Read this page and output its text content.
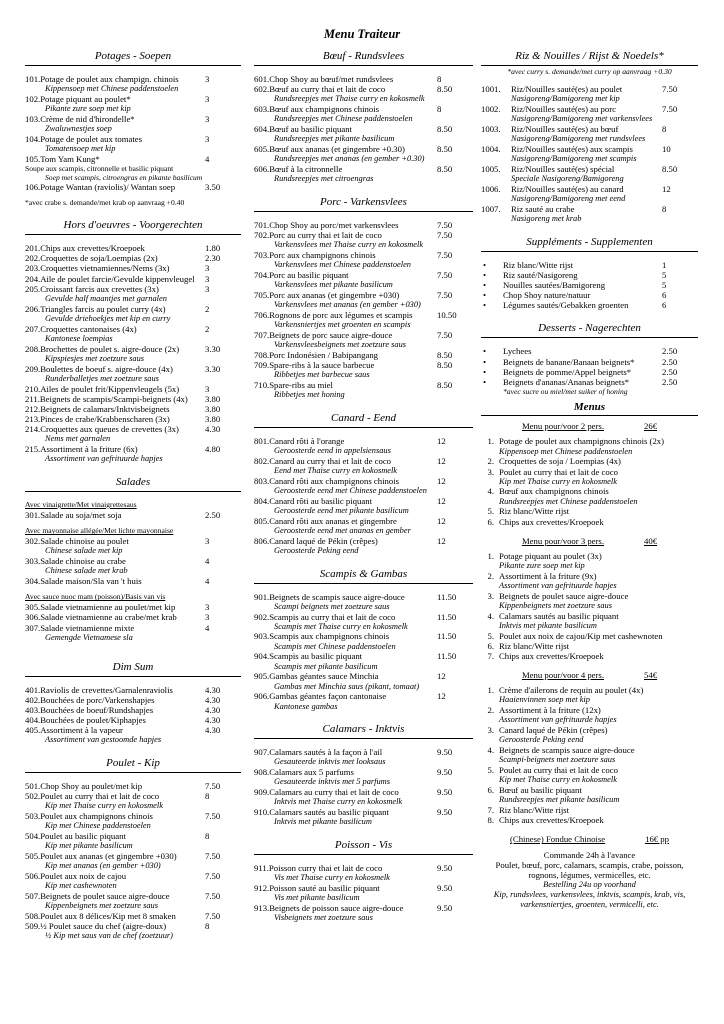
Menu Traiteur
Potages - Soepen
101. Potage de poulet aux champign. chinois	3
Kippensoep met Chinese paddenstoelen
102. Potage piquant au poulet*	3
Pikante zure soep met kip
103. Crème de nid d'hirondelle*	3
Zwaluwnestjes soep
104. Potage de poulet aux tomates	3
Tomatensoep met kip
105. Tom Yam Kung*	4
Soupe aux scampis, citronnelle et basilic piquant
Soep met scampis, citroengras en pikante basilicum
106. Potage Wantan (raviolis)/ Wantan soep	3.50
*avec crabe s. demande/met krab op aanvraag +0.40
Hors d'oeuvres - Voorgerechten
201. Chips aux crevettes/Kroepoek	1.80
202. Croquettes de soja/Loempias (2x)	2.30
203. Croquettes vietnamiennes/Nems (3x)	3
204. Aile de poulet farcie/Gevulde kippenvleugel	3
205. Croissant farcis aux crevettes (3x)	3
Gevulde half maantjes met garnalen
206. Triangles farcis au poulet curry (4x)	2
Gevulde driehoekjes met kip en curry
207. Croquettes cantonaises (4x)	2
Kantonese loempias
208. Brochettes de poulet s. aigre-douce (2x)	3.30
Kipspiesjes met zoetzure saus
209. Boulettes de boeuf s. aigre-douce (4x)	3.30
Runderballetjes met zoetzure saus
210. Ailes de poulet frit/Kippenvleugels (5x)	3
211. Beignets de scampis/Scampi-beignets (4x)	3.80
212. Beignets de calamars/Inktvisbeignets	3.80
213. Pinces de crabe/Krabbenscharen (3x)	3.80
214. Croquettes aux queues de crevettes (3x)	4.30
Nems met garnalen
215. Assortiment à la friture (6x)	4.80
Assortiment van gefrituurde hapjes
Salades
Avec vinaigrette/Met vinaigrettesaus
301. Salade au soja/met soja	2.50
Avec mayonnaise allégée/Met lichte mayonnaise
302. Salade chinoise au poulet	3
Chinese salade met kip
303. Salade chinoise au crabe	4
Chinese salade met krab
304. Salade maison/Sla van 't huis	4
Avec sauce nuoc mam (poisson)/Basis van vis
305. Salade vietnamienne au poulet/met kip	3
306. Salade vietnamienne au crabe/met krab	3
307. Salade vietnamienne mixte	4
Gemengde Vietnamese sla
Dim Sum
401. Raviolis de crevettes/Garnalenraviolis	4.30
402. Bouchées de porc/Varkenshapjes	4.30
403. Bouchées de boeuf/Rundshapjes	4.30
404. Bouchées de poulet/Kiphapjes	4.30
405. Assortiment à la vapeur	4.30
Assortiment van gestoomde hapjes
Poulet - Kip
501. Chop Shoy au poulet/met kip	7.50
502. Poulet au curry thai et lait de coco	8
Kip met Thaise curry en kokosmelk
503. Poulet aux champignons chinois	7.50
Kip met Chinese paddenstoelen
504. Poulet au basilic piquant	8
Kip met pikante basilicum
505. Poulet aux ananas (et gingembre +030)	7.50
Kip met ananas (en gember +030)
506. Poulet aux noix de cajou	7.50
Kip met cashewnoten
507. Beignets de poulet sauce aigre-douce	7.50
Kippenbeignets met zoetzure saus
508. Poulet aux 8 délices/Kip met 8 smaken	7.50
509. ½ Poulet sauce du chef (aigre-doux)	8
½ Kip met saus van de chef (zoetzuur)
Bœuf - Rundsvlees
601. Chop Shoy au bœuf/met rundsvlees	8
602. Bœuf au curry thai et lait de coco	8.50
Rundsreepjes met Thaise curry en kokosmelk
603. Bœuf aux champignons chinois	8
Rundsreepjes met Chinese paddenstoelen
604. Bœuf au basilic piquant	8.50
Rundsreepjes met pikante basilicum
605. Bœuf aux ananas (et gingembre +0.30)	8.50
Rundsreepjes met ananas (en gember +0.30)
606. Bœuf à la citronnelle	8.50
Rundsreepjes met citroengras
Porc - Varkensvlees
701. Chop Shoy au porc/met varkensvlees	7.50
702. Porc au curry thai et lait de coco	7.50
Varkensvlees met Thaise curry en kokosmelk
703. Porc aux champignons chinois	7.50
Varkensvlees met Chinese paddenstoelen
704. Porc au basilic piquant	7.50
Varkensvlees met pikante basilicum
705. Porc aux ananas (et gingembre +030)	7.50
Varkensvlees met ananas (en gember +030)
706. Rognons de porc aux légumes et scampis	10.50
Varkensniertjes met groenten en scampis
707. Beignets de porc sauce aigre-douce	7.50
Varkensvleesbeignets met zoetzure saus
708. Porc Indonésien / Babipangang	8.50
709. Spare-ribs à la sauce barbecue	8.50
Ribbetjes met barbecue saus
710. Spare-ribs au miel	8.50
Ribbetjes met honing
Canard - Eend
801. Canard rôti à l'orange	12
Geroosterde eend in appelsiensaus
802. Canard au curry thai et lait de coco	12
Eend met Thaise curry en kokosmelk
803. Canard rôti aux champignons chinois	12
Geroosterde eend met Chinese paddenstoelen
804. Canard rôti au basilic piquant	12
Geroosterde eend met pikante basilicum
805. Canard rôti aux ananas et gingembre	12
Geroosterde eend met ananas en gember
806. Canard laqué de Pékin (crêpes)	12
Geroosterde Peking eend
Scampis & Gambas
901. Beignets de scampis sauce aigre-douce	11.50
Scampi beignets met zoetzure saus
902. Scampis au curry thai et lait de coco	11.50
Scampis met Thaise curry en kokosmelk
903. Scampis aux champignons chinois	11.50
Scampis met Chinese paddenstoelen
904. Scampis au basilic piquant	11.50
Scampis met pikante basilicum
905. Gambas géantes sauce Minchia	12
Gambas met Minchia saus (pikant, tomaat)
906. Gambas géantes façon cantonaise	12
Kantonese gambas
Calamars - Inktvis
907. Calamars sautés à la façon à l'ail	9.50
Gesauteerde inktvis met looksaus
908. Calamars aux 5 parfums	9.50
Gesauteerde inktvis met 5 parfums
909. Calamars au curry thai et lait de coco	9.50
Inktvis met Thaise curry en kokosmelk
910. Calamars sautés au basilic piquant	9.50
Inktvis met pikante basilicum
Poisson - Vis
911. Poisson curry thai et lait de coco	9.50
Vis met Thaise curry en kokosmelk
912. Poisson sauté au basilic piquant	9.50
Vis met pikante basilicum
913. Beignets de poisson sauce aigre-douce	9.50
Visbeignets met zoetzure saus
Riz & Nouilles / Rijst & Noedels*
*avec curry s. demande/met curry op aanvraag +0.30
1001.	Riz/Nouilles sauté(es) au poulet	7.50
Nasigoreng/Bamigoreng met kip
1002.	Riz/Nouilles sauté(es) au porc	7.50
Nasigoreng/Bamigoreng met varkensvlees
1003.	Riz/Nouilles sauté(es) au bœuf	8
Nasigoreng/Bamigoreng met rundsvlees
1004.	Riz/Nouilles sauté(es) aux scampis	10
Nasigoreng/Bamigoreng met scampis
1005.	Riz/Nouilles sauté(es) spécial	8.50
Speciale Nasigoreng/Bamigoreng
1006.	Riz/Nouilles sauté(es) au canard	12
Nasigoreng/Bamigoreng met eend
1007.	Riz sauté au crabe	8
Nasigoreng met krab
Suppléments - Supplementen
•	Riz blanc/Witte rijst	1
•	Riz sauté/Nasigoreng	5
•	Nouilles sautées/Bamigoreng	5
•	Chop Shoy nature/natuur	6
•	Légumes sautés/Gebakken groenten	6
Desserts - Nagerechten
•	Lychees	2.50
•	Beignets de banane/Banaan beignets*	2.50
•	Beignets de pomme/Appel beignets*	2.50
•	Beignets d'ananas/Ananas beignets*	2.50
*avec sucre ou miel/met suiker of honing
Menus
Menu pour/voor 2 pers.	26€
1. Potage de poulet aux champignons chinois (2x)
Kippensoep met Chinese paddenstoelen
2. Croquettes de soja / Loempias (4x)
3. Poulet au curry thai et lait de coco
Kip met Thaise curry en kokosmelk
4. Bœuf aux champignons chinois
Rundsreepjes met Chinese paddenstoelen
5. Riz blanc/Witte rijst
6. Chips aux crevettes/Kroepoek
Menu pour/voor 3 pers.	40€
1. Potage piquant au poulet (3x)
Pikante zure soep met kip
2. Assortiment à la friture (9x)
Assortiment van gefrituurde hapjes
3. Beignets de poulet sauce aigre-douce
Kippenbeignets met zoetzure saus
4. Calamars sautés au basilic piquant
Inktvis met pikante basilicum
5. Poulet aux noix de cajou/Kip met cashewnoten
6. Riz blanc/Witte rijst
7. Chips aux crevettes/Kroepoek
Menu pour/voor 4 pers.	54€
1. Crème d'ailerons de requin au poulet (4x)
Haaienvinnen soep met kip
2. Assortiment à la friture (12x)
Assortiment van gefrituurde hapjes
3. Canard laqué de Pékin (crêpes)
Geroosterde Peking eend
4. Beignets de scampis sauce aigre-douce
Scampi-beignets met zoetzure saus
5. Poulet au curry thai et lait de coco
Kip met Thaise curry en kokosmelk
6. Bœuf au basilic piquant
Rundsreepjes met pikante basilicum
7. Riz blanc/Witte rijst
8. Chips aux crevettes/Kroepoek
(Chinese) Fondue Chinoise	16€ pp
Commande 24h à l'avance
Poulet, bœuf, porc, calamars, scampis, crabe, poisson,
rognons, légumes, vermicelles, etc.
Bestelling 24u op voorhand
Kip, rundsvlees, varkensvlees, inktvis, scampis, krab, vis,
varkensniertjes, groenten, vermicelli, etc.
